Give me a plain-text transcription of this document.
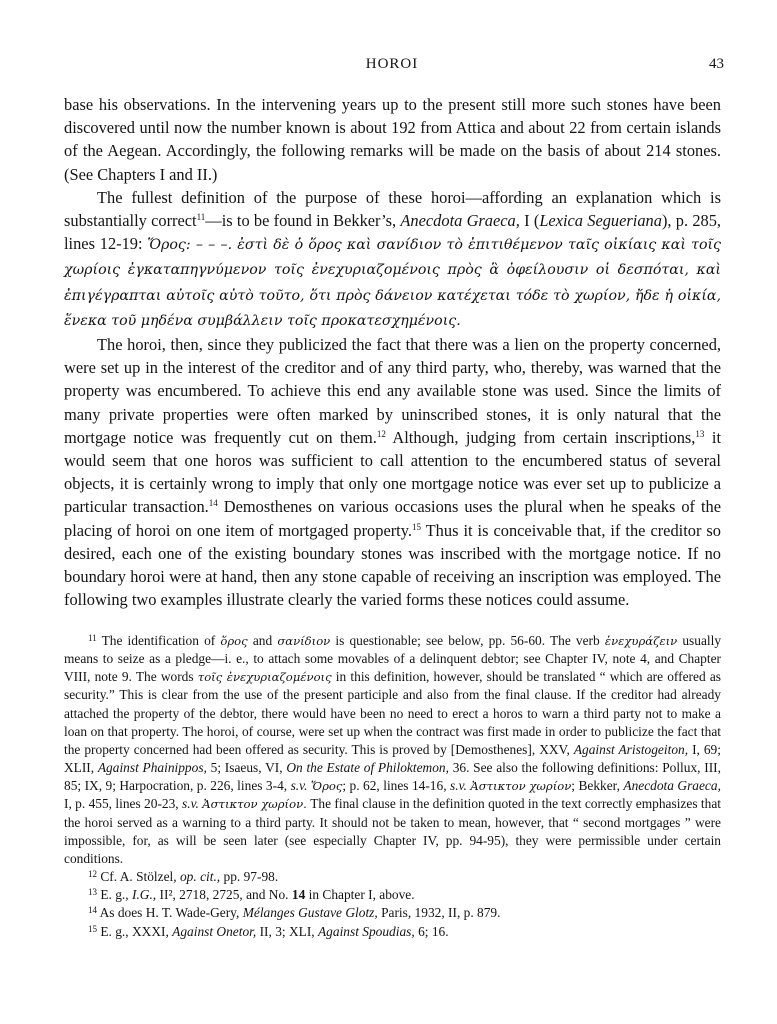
HOROI	43

base his observations. In the intervening years up to the present still more such stones have been discovered until now the number known is about 192 from Attica and about 22 from certain islands of the Aegean. Accordingly, the following remarks will be made on the basis of about 214 stones. (See Chapters I and II.)

The fullest definition of the purpose of these horoi—affording an explanation which is substantially correct$^{11}$—is to be found in Bekker’s, Anecdota Graeca, I (Lexica Segueriana), p. 285, lines 12-19: Ὅρος: – – –. ἐστὶ δὲ ὁ ὅρος καὶ σανίδιον τὸ ἐπιτιθέμενον ταῖς οἰκίαις καὶ τοῖς χωρίοις ἐγκαταπηγνύμενον τοῖς ἐνεχυριαζομένοις πρὸς ἃ ὀφείλουσιν οἱ δεσπόται, καὶ ἐπιγέγραπται αὐτοῖς αὐτὸ τοῦτο, ὅτι πρὸς δάνειον κατέχεται τόδε τὸ χωρίον, ἤδε ἡ οἰκία, ἕνεκα τοῦ μηδένα συμβάλλειν τοῖς προκατεσχημένοις.

The horoi, then, since they publicized the fact that there was a lien on the property concerned, were set up in the interest of the creditor and of any third party, who, thereby, was warned that the property was encumbered. To achieve this end any available stone was used. Since the limits of many private properties were often marked by uninscribed stones, it is only natural that the mortgage notice was frequently cut on them.$^{12}$ Although, judging from certain inscriptions,$^{13}$ it would seem that one horos was sufficient to call attention to the encumbered status of several objects, it is certainly wrong to imply that only one mortgage notice was ever set up to publicize a particular transaction.$^{14}$ Demosthenes on various occasions uses the plural when he speaks of the placing of horoi on one item of mortgaged property.$^{15}$ Thus it is conceivable that, if the creditor so desired, each one of the existing boundary stones was inscribed with the mortgage notice. If no boundary horoi were at hand, then any stone capable of receiving an inscription was employed. The following two examples illustrate clearly the varied forms these notices could assume.

$^{11}$ The identification of ὅρος and σανίδιον is questionable; see below, pp. 56-60. The verb ἐνεχυράζειν usually means to seize as a pledge—i. e., to attach some movables of a delinquent debtor; see Chapter IV, note 4, and Chapter VIII, note 9. The words τοῖς ἐνεχυριαζομένοις in this definition, however, should be translated “ which are offered as security.” This is clear from the use of the present participle and also from the final clause. If the creditor had already attached the property of the debtor, there would have been no need to erect a horos to warn a third party not to make a loan on that property. The horoi, of course, were set up when the contract was first made in order to publicize the fact that the property concerned had been offered as security. This is proved by [Demosthenes], XXV, Against Aristogeiton, I, 69; XLII, Against Phainippos, 5; Isaeus, VI, On the Estate of Philoktemon, 36. See also the following definitions: Pollux, III, 85; IX, 9; Harpocration, p. 226, lines 3-4, s.v. Ὅρος; p. 62, lines 14-16, s.v. Ἀστικτον χωρίον; Bekker, Anecdota Graeca, I, p. 455, lines 20-23, s.v. Ἀστικτον χωρίον. The final clause in the definition quoted in the text correctly emphasizes that the horoi served as a warning to a third party. It should not be taken to mean, however, that “ second mortgages ” were impossible, for, as will be seen later (see especially Chapter IV, pp. 94-95), they were permissible under certain conditions.

$^{12}$ Cf. A. Stölzel, op. cit., pp. 97-98.

$^{13}$ E. g., I.G., II², 2718, 2725, and No. 14 in Chapter I, above.

$^{14}$ As does H. T. Wade-Gery, Mélanges Gustave Glotz, Paris, 1932, II, p. 879.

$^{15}$ E. g., XXXI, Against Onetor, II, 3; XLI, Against Spoudias, 6; 16.
